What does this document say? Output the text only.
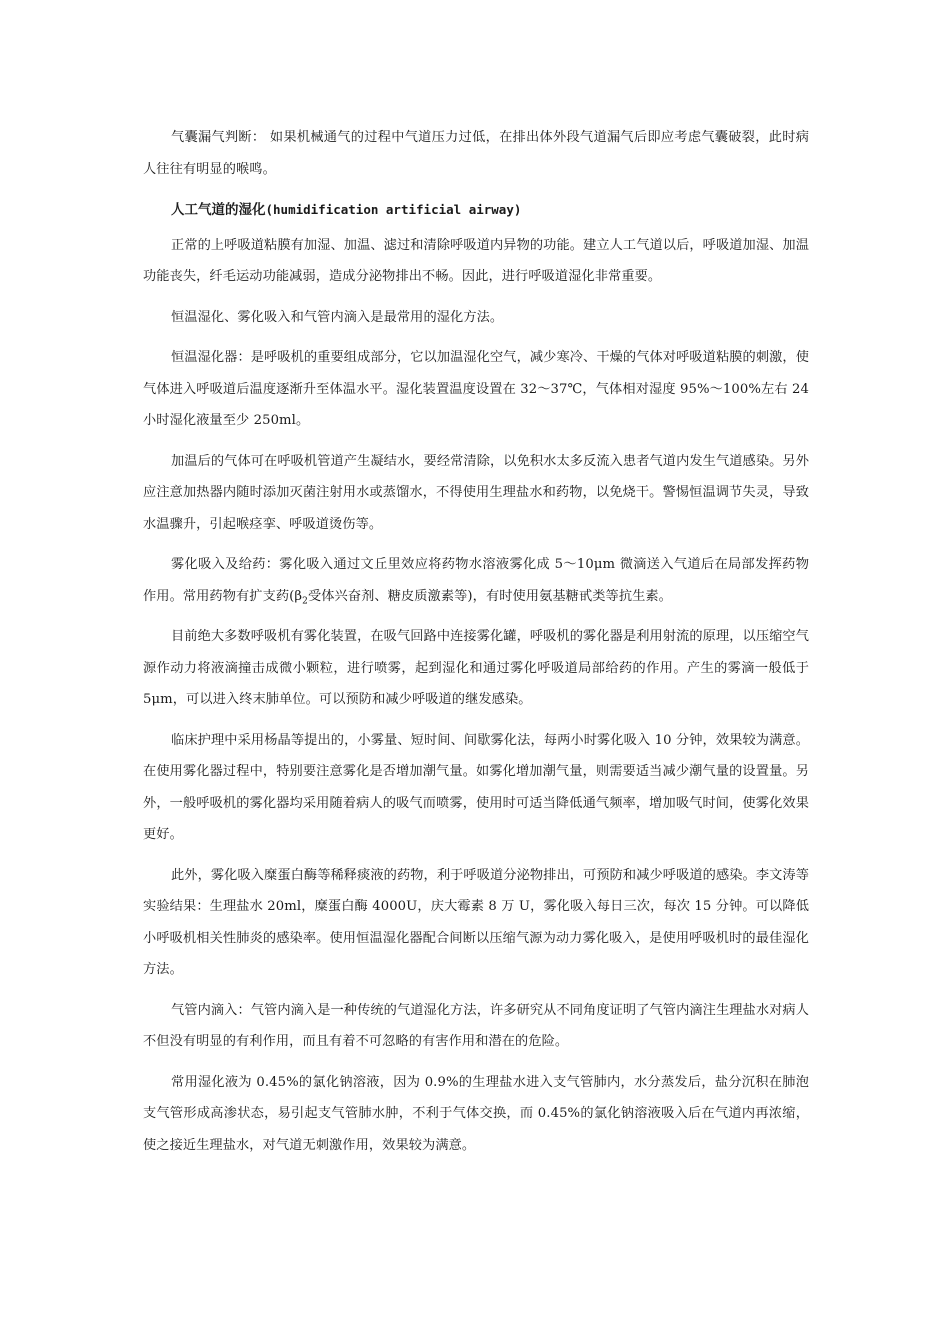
气囊漏气判断： 如果机械通气的过程中气道压力过低，在排出体外段气道漏气后即应考虑气囊破裂，此时病人往往有明显的喉鸣。

人工气道的湿化(humidification artificial airway)

正常的上呼吸道粘膜有加湿、加温、滤过和清除呼吸道内异物的功能。建立人工气道以后，呼吸道加湿、加温功能丧失，纤毛运动功能减弱，造成分泌物排出不畅。因此，进行呼吸道湿化非常重要。

恒温湿化、雾化吸入和气管内滴入是最常用的湿化方法。

恒温湿化器：是呼吸机的重要组成部分，它以加温湿化空气，减少寒冷、干燥的气体对呼吸道粘膜的刺激，使气体进入呼吸道后温度逐渐升至体温水平。湿化装置温度设置在 32～37℃，气体相对湿度 95%～100%左右 24 小时湿化液量至少 250ml。

加温后的气体可在呼吸机管道产生凝结水，要经常清除，以免积水太多反流入患者气道内发生气道感染。另外应注意加热器内随时添加灭菌注射用水或蒸馏水，不得使用生理盐水和药物，以免烧干。警惕恒温调节失灵，导致水温骤升，引起喉痉挛、呼吸道烫伤等。

雾化吸入及给药：雾化吸入通过文丘里效应将药物水溶液雾化成 5～10μm 微滴送入气道后在局部发挥药物作用。常用药物有扩支药($\beta_2$受体兴奋剂、糖皮质激素等)，有时使用氨基糖甙类等抗生素。

目前绝大多数呼吸机有雾化装置，在吸气回路中连接雾化罐，呼吸机的雾化器是利用射流的原理，以压缩空气源作动力将液滴撞击成微小颗粒，进行喷雾，起到湿化和通过雾化呼吸道局部给药的作用。产生的雾滴一般低于 5μm，可以进入终末肺单位。可以预防和减少呼吸道的继发感染。

临床护理中采用杨晶等提出的，小雾量、短时间、间歇雾化法，每两小时雾化吸入 10 分钟，效果较为满意。在使用雾化器过程中，特别要注意雾化是否增加潮气量。如雾化增加潮气量，则需要适当减少潮气量的设置量。另外，一般呼吸机的雾化器均采用随着病人的吸气而喷雾，使用时可适当降低通气频率，增加吸气时间，使雾化效果更好。

此外，雾化吸入糜蛋白酶等稀释痰液的药物，利于呼吸道分泌物排出，可预防和减少呼吸道的感染。李文涛等实验结果：生理盐水 20ml，糜蛋白酶 4000U，庆大霉素 8 万 U，雾化吸入每日三次，每次 15 分钟。可以降低小呼吸机相关性肺炎的感染率。使用恒温湿化器配合间断以压缩气源为动力雾化吸入，是使用呼吸机时的最佳湿化方法。

气管内滴入：气管内滴入是一种传统的气道湿化方法，许多研究从不同角度证明了气管内滴注生理盐水对病人不但没有明显的有利作用，而且有着不可忽略的有害作用和潜在的危险。

常用湿化液为 0.45%的氯化钠溶液，因为 0.9%的生理盐水进入支气管肺内，水分蒸发后，盐分沉积在肺泡支气管形成高渗状态，易引起支气管肺水肿，不利于气体交换，而 0.45%的氯化钠溶液吸入后在气道内再浓缩，使之接近生理盐水，对气道无刺激作用，效果较为满意。
